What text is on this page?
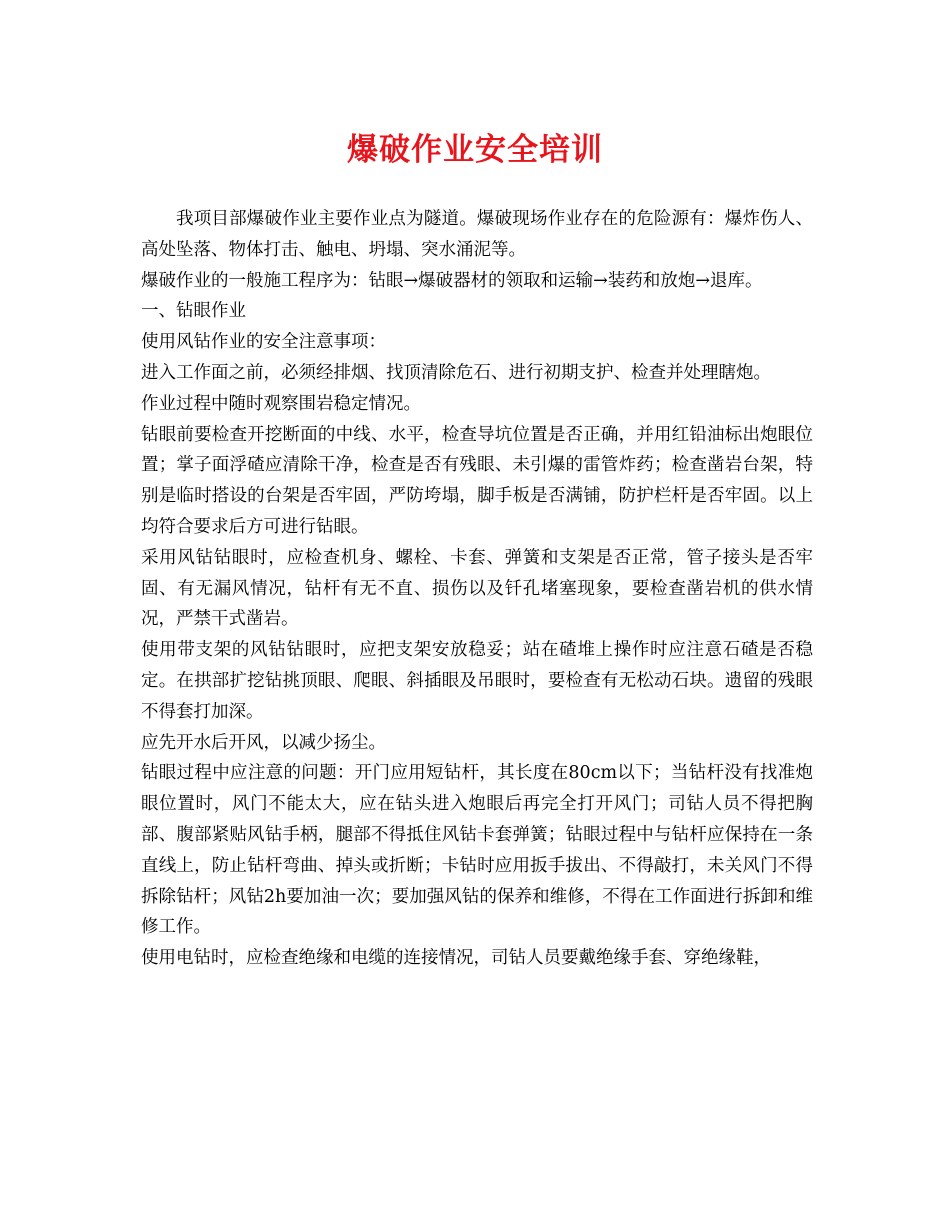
爆破作业安全培训

我项目部爆破作业主要作业点为隧道。爆破现场作业存在的危险源有：爆炸伤人、高处坠落、物体打击、触电、坍塌、突水涌泥等。

爆破作业的一般施工程序为：钻眼→爆破器材的领取和运输→装药和放炮→退库。

一、钻眼作业

使用风钻作业的安全注意事项：

进入工作面之前，必须经排烟、找顶清除危石、进行初期支护、检查并处理瞎炮。

作业过程中随时观察围岩稳定情况。

钻眼前要检查开挖断面的中线、水平，检查导坑位置是否正确，并用红铅油标出炮眼位置；掌子面浮碴应清除干净，检查是否有残眼、未引爆的雷管炸药；检查凿岩台架，特别是临时搭设的台架是否牢固，严防垮塌，脚手板是否满铺，防护栏杆是否牢固。以上均符合要求后方可进行钻眼。

采用风钻钻眼时，应检查机身、螺栓、卡套、弹簧和支架是否正常，管子接头是否牢固、有无漏风情况，钻杆有无不直、损伤以及钎孔堵塞现象，要检查凿岩机的供水情况，严禁干式凿岩。

使用带支架的风钻钻眼时，应把支架安放稳妥；站在碴堆上操作时应注意石碴是否稳定。在拱部扩挖钻挑顶眼、爬眼、斜插眼及吊眼时，要检查有无松动石块。遗留的残眼不得套打加深。

应先开水后开风，以减少扬尘。

钻眼过程中应注意的问题：开门应用短钻杆，其长度在80cm以下；当钻杆没有找准炮眼位置时，风门不能太大，应在钻头进入炮眼后再完全打开风门；司钻人员不得把胸部、腹部紧贴风钻手柄，腿部不得抵住风钻卡套弹簧；钻眼过程中与钻杆应保持在一条直线上，防止钻杆弯曲、掉头或折断；卡钻时应用扳手拔出、不得敲打，未关风门不得拆除钻杆；风钻2h要加油一次；要加强风钻的保养和维修，不得在工作面进行拆卸和维修工作。

使用电钻时，应检查绝缘和电缆的连接情况，司钻人员要戴绝缘手套、穿绝缘鞋，
